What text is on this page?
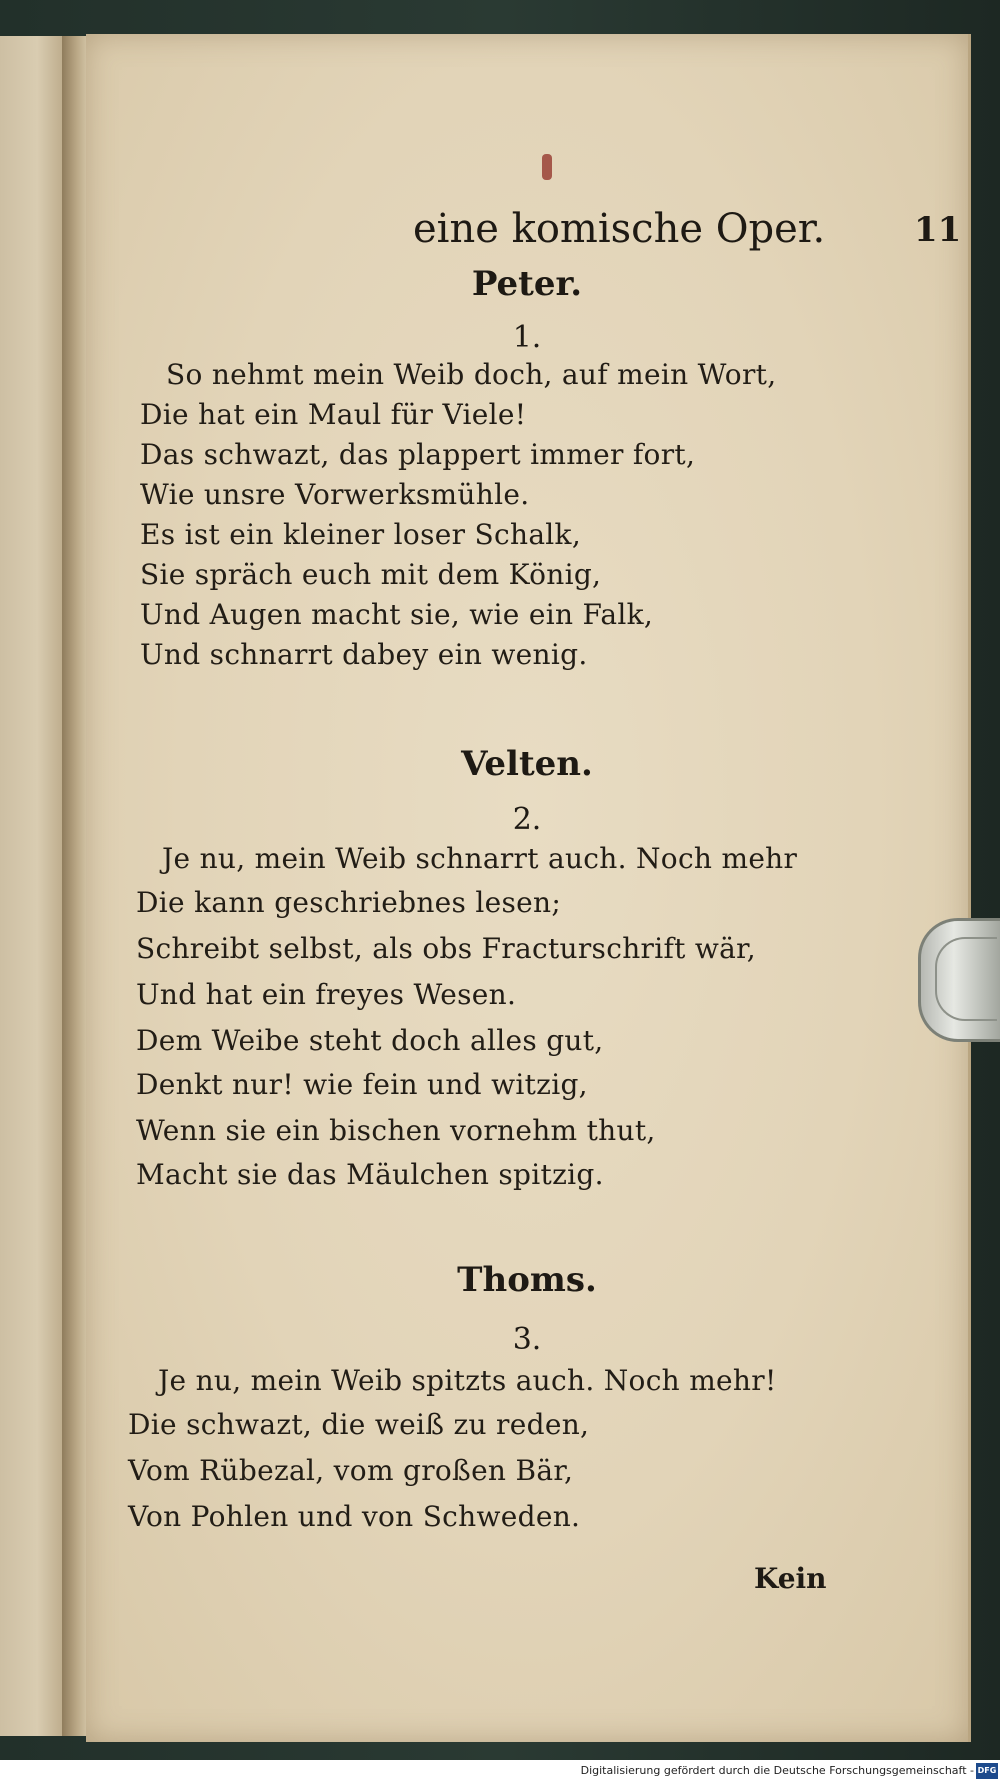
eine komische Oper.	11
Peter.
1.
So nehmt mein Weib doch, auf mein Wort,
Die hat ein Maul für Viele!
Das schwazt, das plappert immer fort,
Wie unsre Vorwerksmühle.
Es ist ein kleiner loser Schalk,
Sie spräch euch mit dem König,
Und Augen macht sie, wie ein Falk,
Und schnarrt dabey ein wenig.
Velten.
2.
Je nu, mein Weib schnarrt auch. Noch mehr
Die kann geschriebnes lesen;
Schreibt selbst, als obs Fracturschrift wär,
Und hat ein freyes Wesen.
Dem Weibe steht doch alles gut,
Denkt nur! wie fein und witzig,
Wenn sie ein bischen vornehm thut,
Macht sie das Mäulchen spitzig.
Thoms.
3.
Je nu, mein Weib spitzts auch. Noch mehr!
Die schwazt, die weiß zu reden,
Vom Rübezal, vom großen Bär,
Von Pohlen und von Schweden.
Kein
Digitalisierung gefördert durch die Deutsche Forschungsgemeinschaft - DFG
